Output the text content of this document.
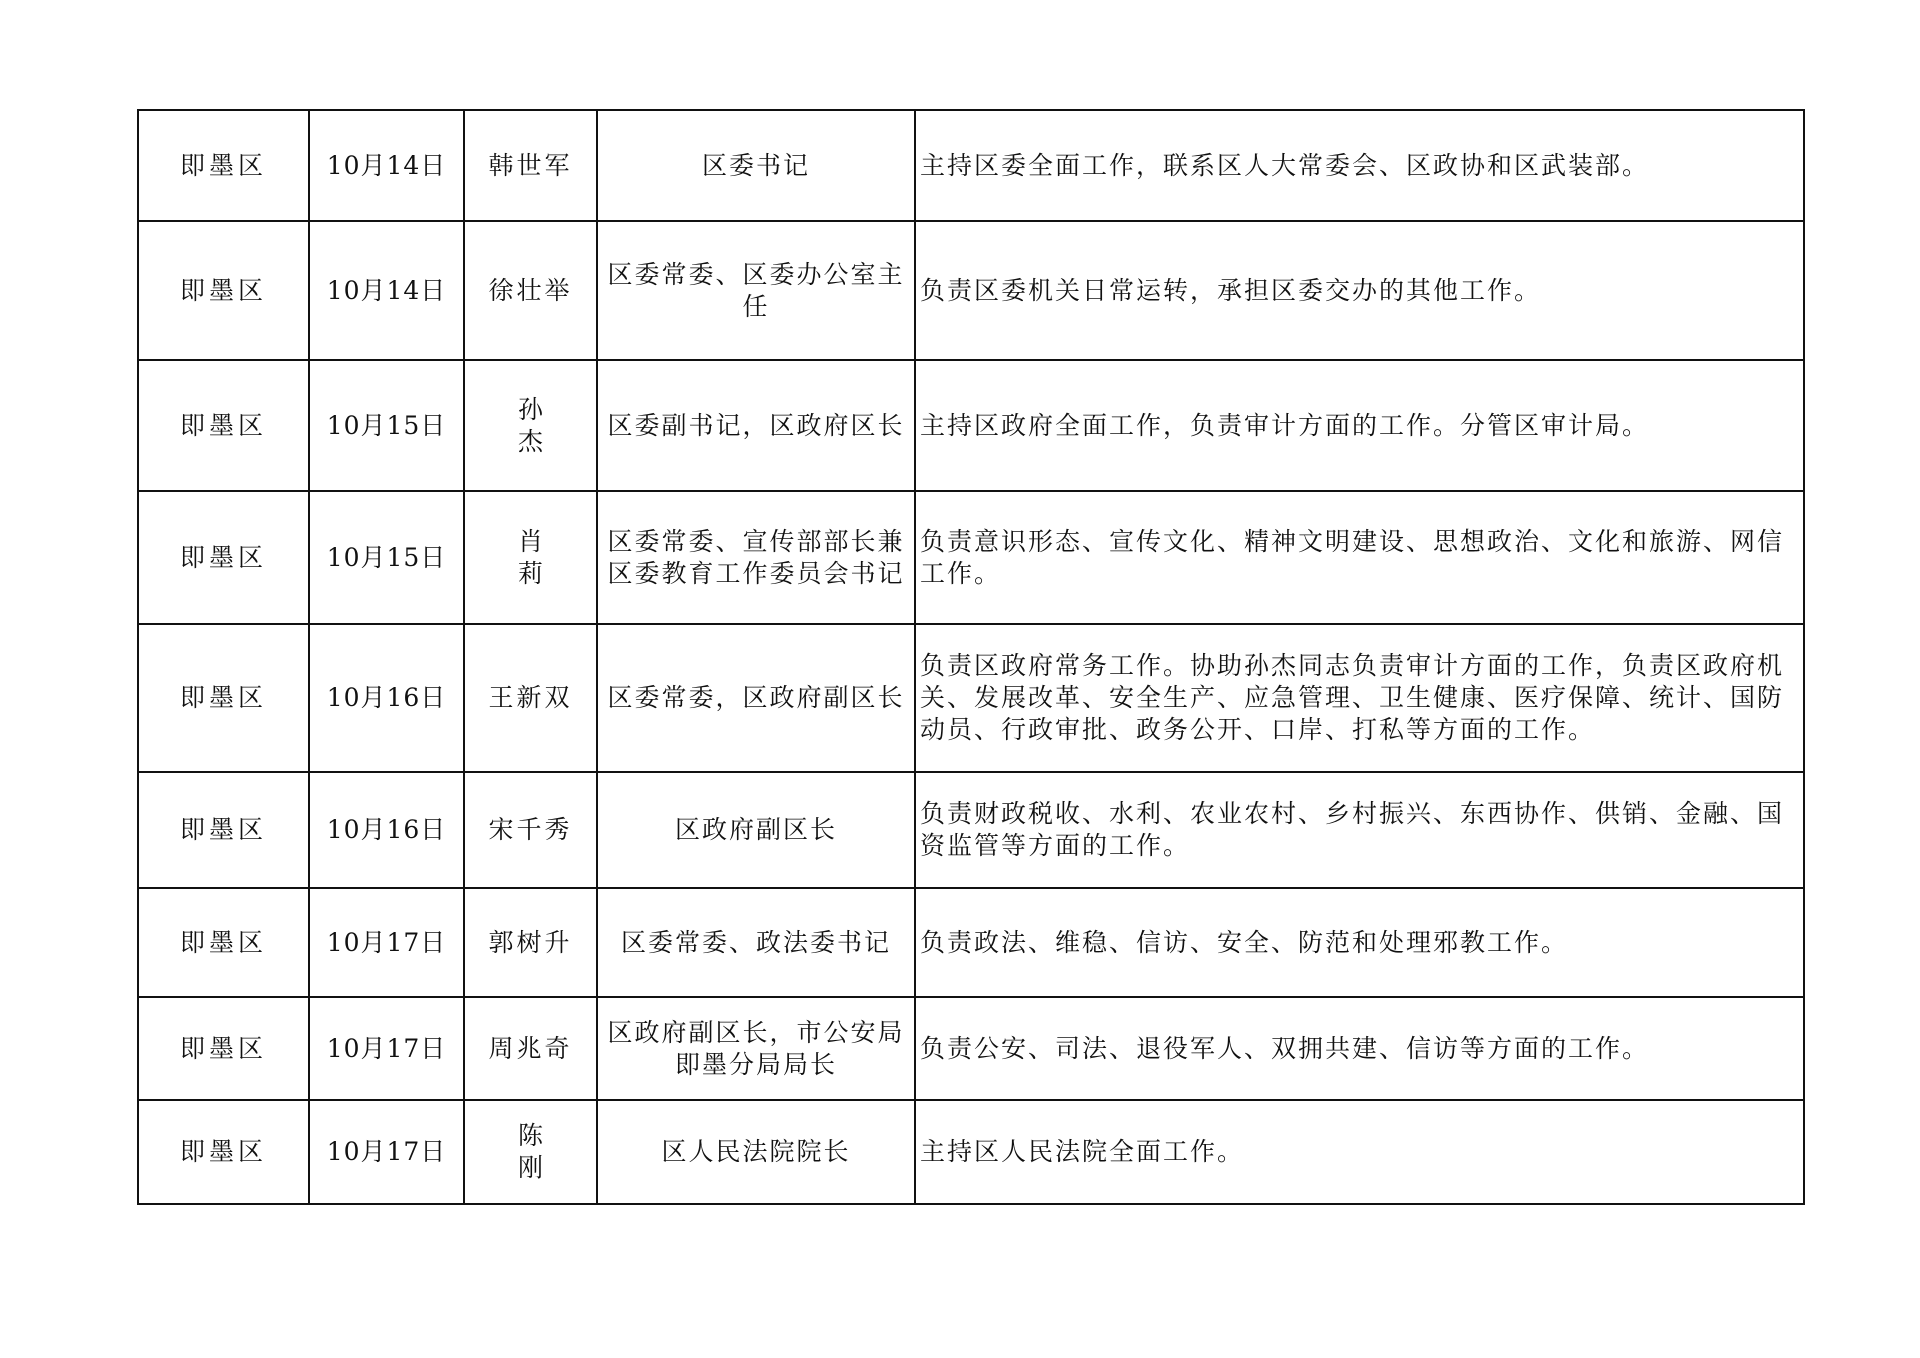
即墨区	10月14日	韩世军	区委书记	主持区委全面工作，联系区人大常委会、区政协和区武装部。
即墨区	10月14日	徐壮举	区委常委、区委办公室主任	负责区委机关日常运转，承担区委交办的其他工作。
即墨区	10月15日	孙杰	区委副书记，区政府区长	主持区政府全面工作，负责审计方面的工作。分管区审计局。
即墨区	10月15日	肖莉	区委常委、宣传部部长兼区委教育工作委员会书记	负责意识形态、宣传文化、精神文明建设、思想政治、文化和旅游、网信工作。
即墨区	10月16日	王新双	区委常委，区政府副区长	负责区政府常务工作。协助孙杰同志负责审计方面的工作，负责区政府机关、发展改革、安全生产、应急管理、卫生健康、医疗保障、统计、国防动员、行政审批、政务公开、口岸、打私等方面的工作。
即墨区	10月16日	宋千秀	区政府副区长	负责财政税收、水利、农业农村、乡村振兴、东西协作、供销、金融、国资监管等方面的工作。
即墨区	10月17日	郭树升	区委常委、政法委书记	负责政法、维稳、信访、安全、防范和处理邪教工作。
即墨区	10月17日	周兆奇	区政府副区长，市公安局即墨分局局长	负责公安、司法、退役军人、双拥共建、信访等方面的工作。
即墨区	10月17日	陈刚	区人民法院院长	主持区人民法院全面工作。
